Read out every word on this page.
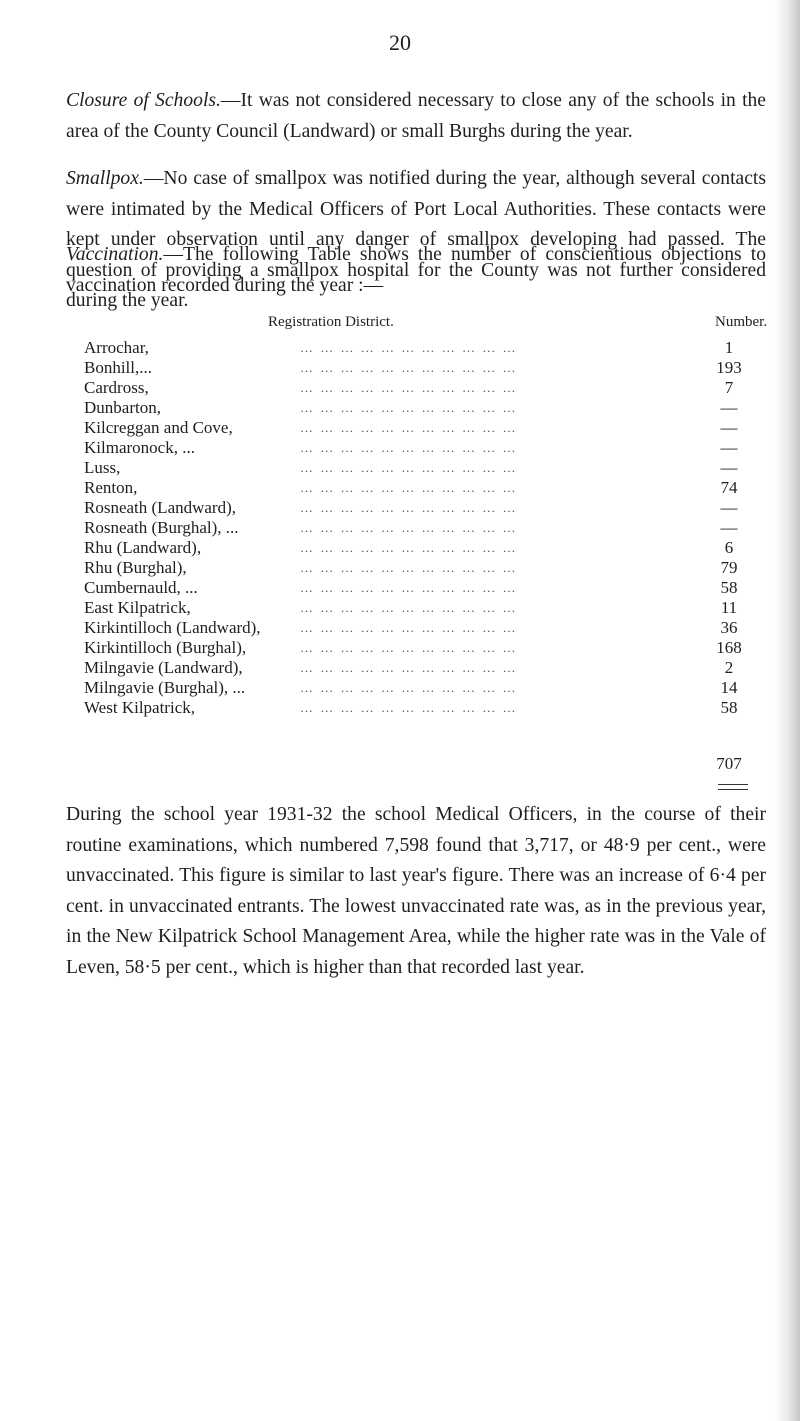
20

Closure of Schools.—It was not considered necessary to close any of the schools in the area of the County Council (Landward) or small Burghs during the year.

Smallpox.—No case of smallpox was notified during the year, although several contacts were intimated by the Medical Officers of Port Local Authorities. These contacts were kept under observation until any danger of smallpox developing had passed. The question of providing a smallpox hospital for the County was not further considered during the year.

Vaccination.—The following Table shows the number of conscientious objections to vaccination recorded during the year :—

Registration District.	Number.
Arrochar,	… … … … … … … … … … …	1
Bonhill,...	… … … … … … … … … … …	193
Cardross,	… … … … … … … … … … …	7
Dunbarton,	… … … … … … … … … … …	—
Kilcreggan and Cove,	… … … … … … … … … … …	—
Kilmaronock, ...	… … … … … … … … … … …	—
Luss,	… … … … … … … … … … …	—
Renton,	… … … … … … … … … … …	74
Rosneath (Landward),	… … … … … … … … … … …	—
Rosneath (Burghal), ...	… … … … … … … … … … …	—
Rhu (Landward),	… … … … … … … … … … …	6
Rhu (Burghal),	… … … … … … … … … … …	79
Cumbernauld, ...	… … … … … … … … … … …	58
East Kilpatrick,	… … … … … … … … … … …	11
Kirkintilloch (Landward),	… … … … … … … … … … …	36
Kirkintilloch (Burghal),	… … … … … … … … … … …	168
Milngavie (Landward),	… … … … … … … … … … …	2
Milngavie (Burghal), ...	… … … … … … … … … … …	14
West Kilpatrick,	… … … … … … … … … … …	58
707

During the school year 1931-32 the school Medical Officers, in the course of their routine examinations, which numbered 7,598 found that 3,717, or 48·9 per cent., were unvaccinated. This figure is similar to last year's figure. There was an increase of 6·4 per cent. in unvaccinated entrants. The lowest unvaccinated rate was, as in the previous year, in the New Kilpatrick School Management Area, while the higher rate was in the Vale of Leven, 58·5 per cent., which is higher than that recorded last year.
